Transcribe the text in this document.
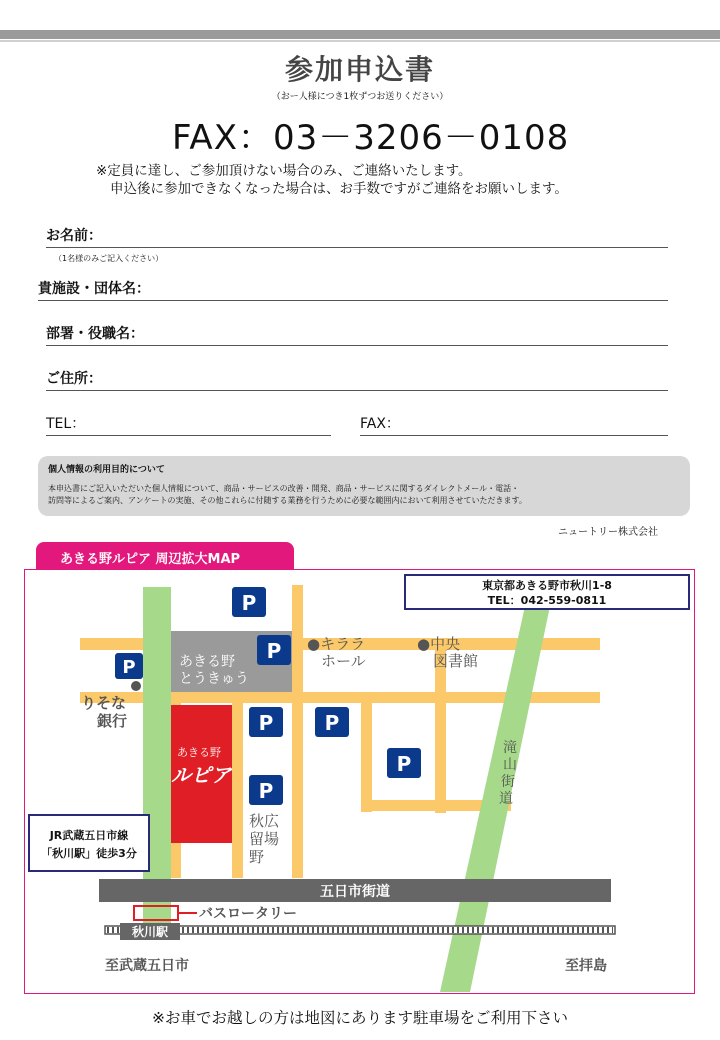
参加申込書
（おー人様につき1枚ずつお送りください）
FAX：03－3206－0108
※定員に達し、ご参加頂けない場合のみ、ご連絡いたします。
申込後に参加できなくなった場合は、お手数ですがご連絡をお願いします。
お名前：
（1名様のみご記入ください）
貴施設・団体名：
部署・役職名：
ご住所：
TEL：	FAX：
個人情報の利用目的について
本申込書にご記入いただいた個人情報について、商品・サービスの改善・開発、商品・サービスに関するダイレクトメール・電話・
訪問等によるご案内、アンケートの実施、その他これらに付随する業務を行うために必要な範囲内において利用させていただきます。
ニュートリー株式会社
あきる野ルピア 周辺拡大MAP
五日市街道
秋川駅
バスロータリー
P
P
P
P	P
P
P
あきる野
とうきゅう
●キララ
ホール
●中央
図書館
りそな
銀行
あきる野
ルピア
秋広
留場
野
滝
山
街
道
至武蔵五日市	至拝島
東京都あきる野市秋川1-8
TEL：042-559-0811
JR武蔵五日市線
「秋川駅」徒歩3分
※お車でお越しの方は地図にあります駐車場をご利用下さい
